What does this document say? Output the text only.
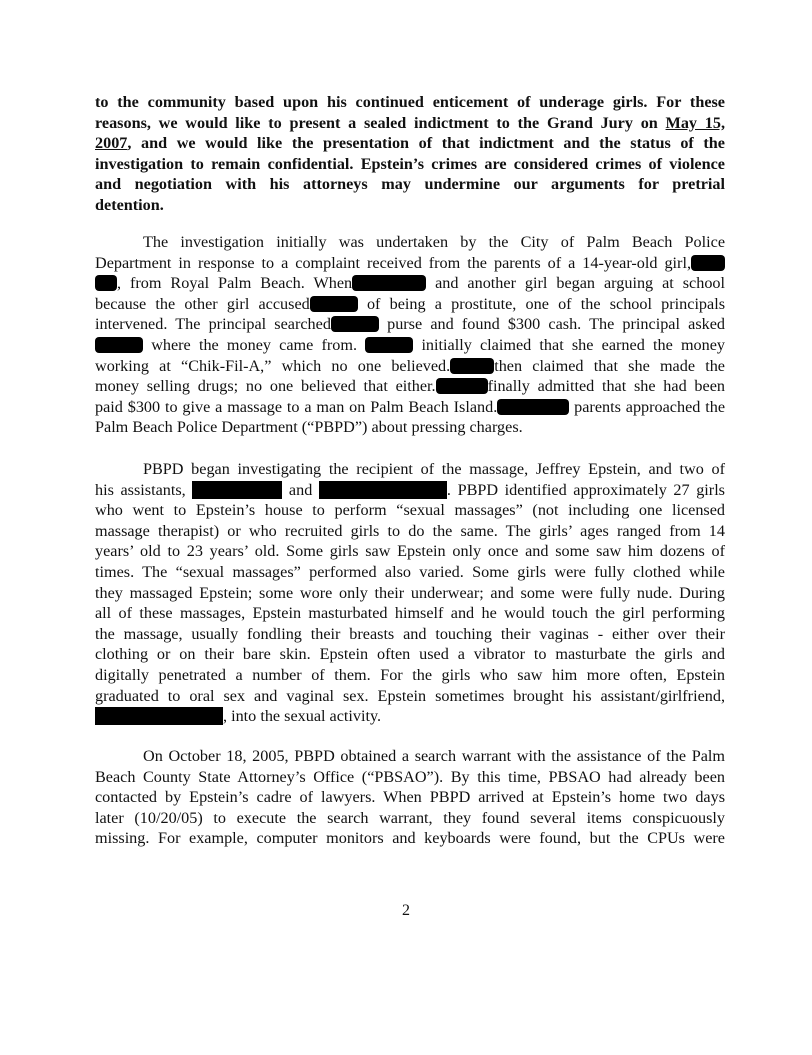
to the community based upon his continued enticement of underage girls. For these
reasons, we would like to present a sealed indictment to the Grand Jury on May 15,
2007, and we would like the presentation of that indictment and the status of the
investigation to remain confidential. Epstein’s crimes are considered crimes of violence
and negotiation with his attorneys may undermine our arguments for pretrial
detention.
The investigation initially was undertaken by the City of Palm Beach Police
Department in response to a complaint received from the parents of a 14-year-old girl,
, from Royal Palm Beach. When	and another girl began arguing at school
because the other girl accused	of being a prostitute, one of the school principals
intervened. The principal searched	purse and found $300 cash. The principal asked
where the money came from.	initially claimed that she earned the money
working at “Chik-Fil-A,” which no one believed.	then claimed that she made the
money selling drugs; no one believed that either.	finally admitted that she had been
paid $300 to give a massage to a man on Palm Beach Island.	parents approached the
Palm Beach Police Department (“PBPD”) about pressing charges.
PBPD began investigating the recipient of the massage, Jeffrey Epstein, and two of
his assistants,	and	. PBPD identified approximately 27 girls
who went to Epstein’s house to perform “sexual massages” (not including one licensed
massage therapist) or who recruited girls to do the same. The girls’ ages ranged from 14
years’ old to 23 years’ old. Some girls saw Epstein only once and some saw him dozens of
times. The “sexual massages” performed also varied. Some girls were fully clothed while
they massaged Epstein; some wore only their underwear; and some were fully nude. During
all of these massages, Epstein masturbated himself and he would touch the girl performing
the massage, usually fondling their breasts and touching their vaginas - either over their
clothing or on their bare skin. Epstein often used a vibrator to masturbate the girls and
digitally penetrated a number of them. For the girls who saw him more often, Epstein
graduated to oral sex and vaginal sex. Epstein sometimes brought his assistant/girlfriend,
, into the sexual activity.
On October 18, 2005, PBPD obtained a search warrant with the assistance of the Palm
Beach County State Attorney’s Office (“PBSAO”). By this time, PBSAO had already been
contacted by Epstein’s cadre of lawyers. When PBPD arrived at Epstein’s home two days
later (10/20/05) to execute the search warrant, they found several items conspicuously
missing. For example, computer monitors and keyboards were found, but the CPUs were
2
